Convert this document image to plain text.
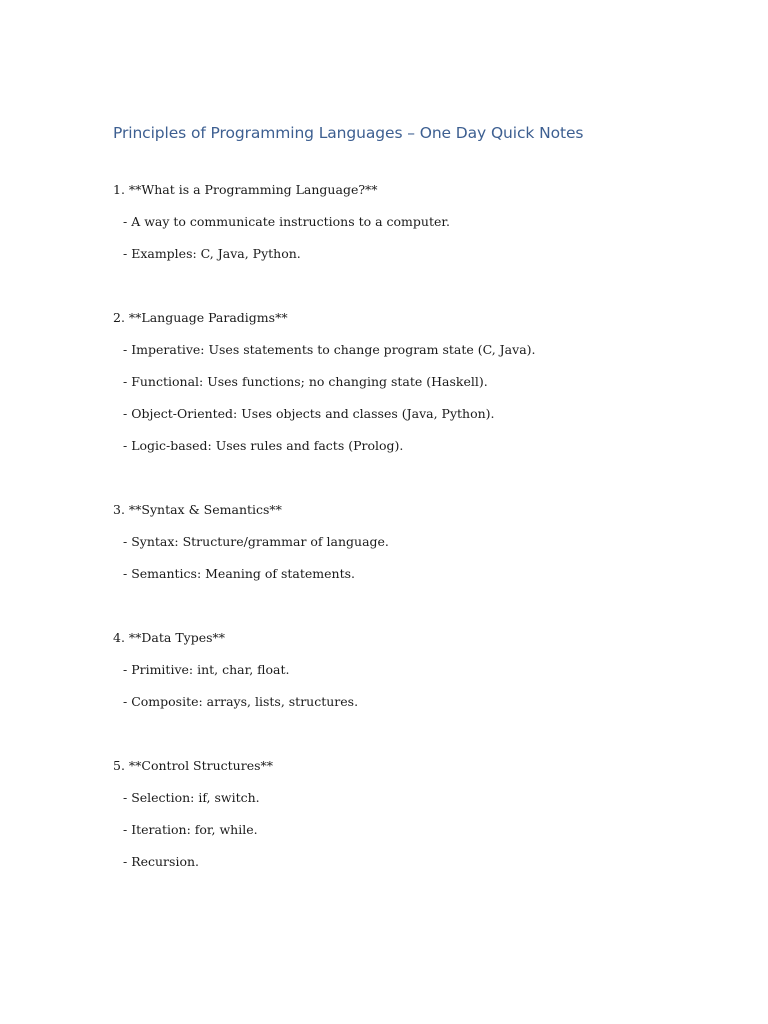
Principles of Programming Languages – One Day Quick Notes
1. **What is a Programming Language?**
- A way to communicate instructions to a computer.
- Examples: C, Java, Python.
2. **Language Paradigms**
- Imperative: Uses statements to change program state (C, Java).
- Functional: Uses functions; no changing state (Haskell).
- Object-Oriented: Uses objects and classes (Java, Python).
- Logic-based: Uses rules and facts (Prolog).
3. **Syntax & Semantics**
- Syntax: Structure/grammar of language.
- Semantics: Meaning of statements.
4. **Data Types**
- Primitive: int, char, float.
- Composite: arrays, lists, structures.
5. **Control Structures**
- Selection: if, switch.
- Iteration: for, while.
- Recursion.
